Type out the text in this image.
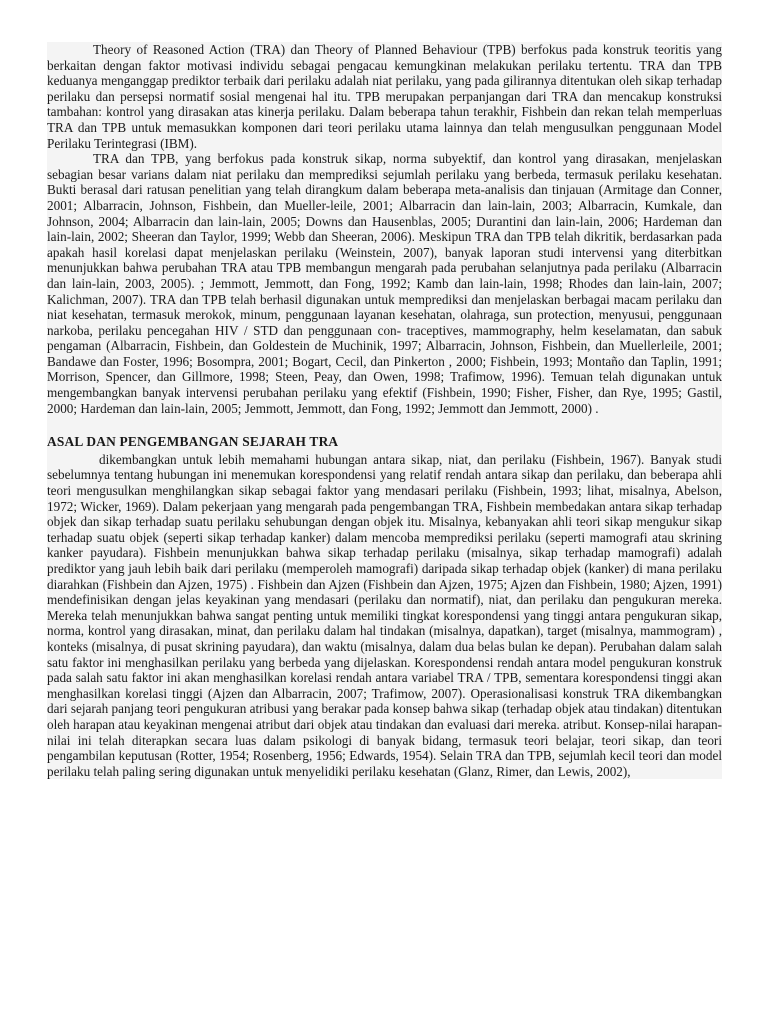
Theory of Reasoned Action (TRA) dan Theory of Planned Behaviour (TPB) berfokus pada konstruk teoritis yang berkaitan dengan faktor motivasi individu sebagai pengacau kemungkinan melakukan perilaku tertentu. TRA dan TPB keduanya menganggap prediktor terbaik dari perilaku adalah niat perilaku, yang pada gilirannya ditentukan oleh sikap terhadap perilaku dan persepsi normatif sosial mengenai hal itu. TPB merupakan perpanjangan dari TRA dan mencakup konstruksi tambahan: kontrol yang dirasakan atas kinerja perilaku. Dalam beberapa tahun terakhir, Fishbein dan rekan telah memperluas TRA dan TPB untuk memasukkan komponen dari teori perilaku utama lainnya dan telah mengusulkan penggunaan Model Perilaku Terintegrasi (IBM).

TRA dan TPB, yang berfokus pada konstruk sikap, norma subyektif, dan kontrol yang dirasakan, menjelaskan sebagian besar varians dalam niat perilaku dan memprediksi sejumlah perilaku yang berbeda, termasuk perilaku kesehatan. Bukti berasal dari ratusan penelitian yang telah dirangkum dalam beberapa meta-analisis dan tinjauan (Armitage dan Conner, 2001; Albarracin, Johnson, Fishbein, dan Mueller-leile, 2001; Albarracin dan lain-lain, 2003; Albarracin, Kumkale, dan Johnson, 2004; Albarracin dan lain-lain, 2005; Downs dan Hausenblas, 2005; Durantini dan lain-lain, 2006; Hardeman dan lain-lain, 2002; Sheeran dan Taylor, 1999; Webb dan Sheeran, 2006). Meskipun TRA dan TPB telah dikritik, berdasarkan pada apakah hasil korelasi dapat menjelaskan perilaku (Weinstein, 2007), banyak laporan studi intervensi yang diterbitkan menunjukkan bahwa perubahan TRA atau TPB membangun mengarah pada perubahan selanjutnya pada perilaku (Albarracin dan lain-lain, 2003, 2005). ; Jemmott, Jemmott, dan Fong, 1992; Kamb dan lain-lain, 1998; Rhodes dan lain-lain, 2007; Kalichman, 2007). TRA dan TPB telah berhasil digunakan untuk memprediksi dan menjelaskan berbagai macam perilaku dan niat kesehatan, termasuk merokok, minum, penggunaan layanan kesehatan, olahraga, sun protection, menyusui, penggunaan narkoba, perilaku pencegahan HIV / STD dan penggunaan con- traceptives, mammography, helm keselamatan, dan sabuk pengaman (Albarracin, Fishbein, dan Goldestein de Muchinik, 1997; Albarracin, Johnson, Fishbein, dan Muellerleile, 2001; Bandawe dan Foster, 1996; Bosompra, 2001; Bogart, Cecil, dan Pinkerton , 2000; Fishbein, 1993; Montaño dan Taplin, 1991; Morrison, Spencer, dan Gillmore, 1998; Steen, Peay, dan Owen, 1998; Trafimow, 1996). Temuan telah digunakan untuk mengembangkan banyak intervensi perubahan perilaku yang efektif (Fishbein, 1990; Fisher, Fisher, dan Rye, 1995; Gastil, 2000; Hardeman dan lain-lain, 2005; Jemmott, Jemmott, dan Fong, 1992; Jemmott dan Jemmott, 2000) .

ASAL DAN PENGEMBANGAN SEJARAH TRA

dikembangkan untuk lebih memahami hubungan antara sikap, niat, dan perilaku (Fishbein, 1967). Banyak studi sebelumnya tentang hubungan ini menemukan korespondensi yang relatif rendah antara sikap dan perilaku, dan beberapa ahli teori mengusulkan menghilangkan sikap sebagai faktor yang mendasari perilaku (Fishbein, 1993; lihat, misalnya, Abelson, 1972; Wicker, 1969). Dalam pekerjaan yang mengarah pada pengembangan TRA, Fishbein membedakan antara sikap terhadap objek dan sikap terhadap suatu perilaku sehubungan dengan objek itu. Misalnya, kebanyakan ahli teori sikap mengukur sikap terhadap suatu objek (seperti sikap terhadap kanker) dalam mencoba memprediksi perilaku (seperti mamografi atau skrining kanker payudara). Fishbein menunjukkan bahwa sikap terhadap perilaku (misalnya, sikap terhadap mamografi) adalah prediktor yang jauh lebih baik dari perilaku (memperoleh mamografi) daripada sikap terhadap objek (kanker) di mana perilaku diarahkan (Fishbein dan Ajzen, 1975) . Fishbein dan Ajzen (Fishbein dan Ajzen, 1975; Ajzen dan Fishbein, 1980; Ajzen, 1991) mendefinisikan dengan jelas keyakinan yang mendasari (perilaku dan normatif), niat, dan perilaku dan pengukuran mereka. Mereka telah menunjukkan bahwa sangat penting untuk memiliki tingkat korespondensi yang tinggi antara pengukuran sikap, norma, kontrol yang dirasakan, minat, dan perilaku dalam hal tindakan (misalnya, dapatkan), target (misalnya, mammogram) , konteks (misalnya, di pusat skrining payudara), dan waktu (misalnya, dalam dua belas bulan ke depan). Perubahan dalam salah satu faktor ini menghasilkan perilaku yang berbeda yang dijelaskan. Korespondensi rendah antara model pengukuran konstruk pada salah satu faktor ini akan menghasilkan korelasi rendah antara variabel TRA / TPB, sementara korespondensi tinggi akan menghasilkan korelasi tinggi (Ajzen dan Albarracin, 2007; Trafimow, 2007). Operasionalisasi konstruk TRA dikembangkan dari sejarah panjang teori pengukuran atribusi yang berakar pada konsep bahwa sikap (terhadap objek atau tindakan) ditentukan oleh harapan atau keyakinan mengenai atribut dari objek atau tindakan dan evaluasi dari mereka. atribut. Konsep-nilai harapan-nilai ini telah diterapkan secara luas dalam psikologi di banyak bidang, termasuk teori belajar, teori sikap, dan teori pengambilan keputusan (Rotter, 1954; Rosenberg, 1956; Edwards, 1954). Selain TRA dan TPB, sejumlah kecil teori dan model perilaku telah paling sering digunakan untuk menyelidiki perilaku kesehatan (Glanz, Rimer, dan Lewis, 2002),
